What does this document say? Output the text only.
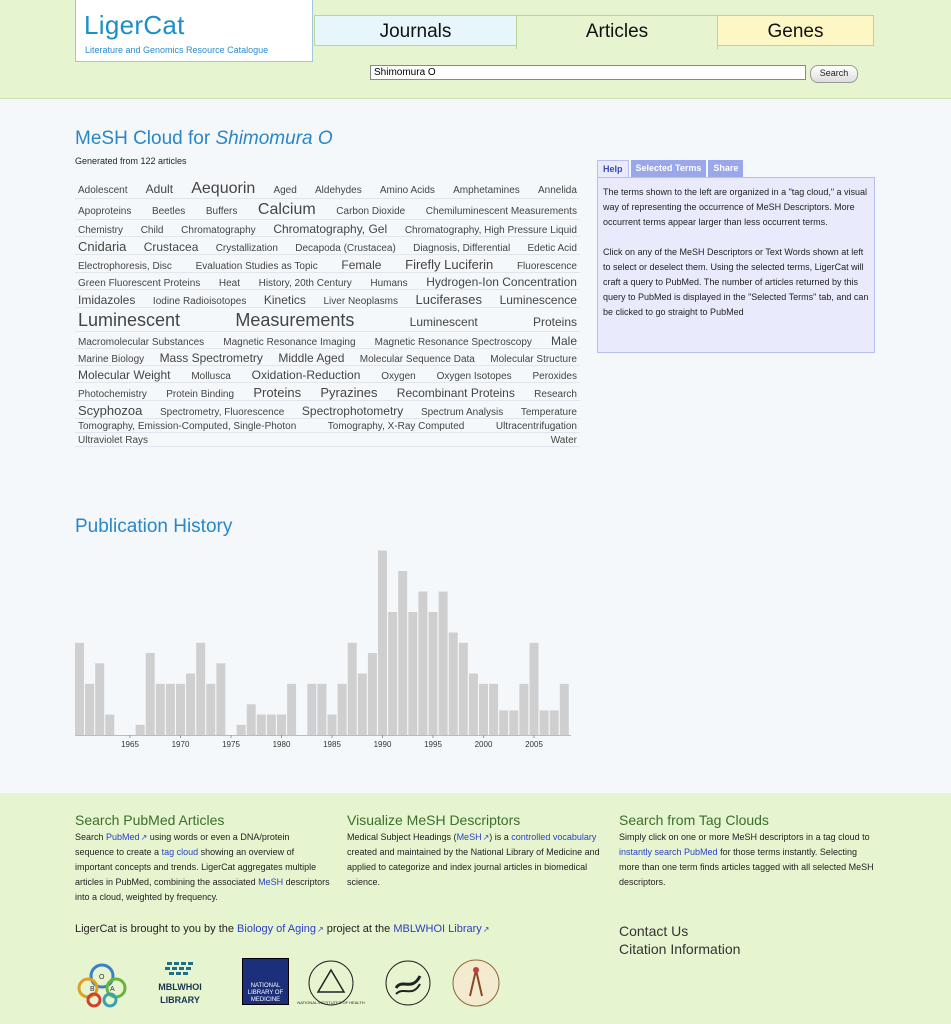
LigerCat
Literature and Genomics Resource Catalogue
Journals	Articles	Genes
Shimomura O
Search
MeSH Cloud for Shimomura O
Generated from 122 articles
Adolescent Adult Aequorin Aged Aldehydes Amino Acids Amphetamines Annelida
Apoproteins Beetles Buffers Calcium Carbon Dioxide Chemiluminescent Measurements
Chemistry Child Chromatography Chromatography, Gel Chromatography, High Pressure Liquid
Cnidaria Crustacea Crystallization Decapoda (Crustacea) Diagnosis, Differential Edetic Acid
Electrophoresis, Disc Evaluation Studies as Topic Female Firefly Luciferin Fluorescence
Green Fluorescent Proteins Heat History, 20th Century Humans Hydrogen-Ion Concentration
Imidazoles Iodine Radioisotopes Kinetics Liver Neoplasms Luciferases Luminescence
Luminescent	Measurements	Luminescent	Proteins
Macromolecular Substances Magnetic Resonance Imaging Magnetic Resonance Spectroscopy Male
Marine Biology Mass Spectrometry Middle Aged Molecular Sequence Data Molecular Structure
Molecular Weight Mollusca Oxidation-Reduction Oxygen Oxygen Isotopes Peroxides
Photochemistry Protein Binding Proteins Pyrazines Recombinant Proteins Research
Scyphozoa Spectrometry, Fluorescence Spectrophotometry Spectrum Analysis Temperature
Tomography, Emission-Computed, Single-Photon	Tomography, X-Ray Computed	Ultracentrifugation
Ultraviolet Rays	Water
Help	Selected Terms	Share

The terms shown to the left are organized in a "tag cloud," a visual way of representing the occurrence of MeSH Descriptors. More occurrent terms appear larger than less occurrent terms.

Click on any of the MeSH Descriptors or Text Words shown at left to select or deselect them. Using the selected terms, LigerCat will craft a query to PubMed. The number of articles returned by this query to PubMed is displayed in the "Selected Terms" tab, and can be clicked to go straight to PubMed

Publication History
1965	1970	1975	1980	1985	1990	1995	2000	2005
Search PubMed Articles
Search PubMed↗ using words or even a DNA/protein sequence to create a tag cloud showing an overview of important concepts and trends. LigerCat aggregates multiple articles in PubMed, combining the associated MeSH descriptors into a cloud, weighted by frequency.
Visualize MeSH Descriptors
Medical Subject Headings (MeSH↗) is a controlled vocabulary created and maintained by the National Library of Medicine and applied to categorize and index journal articles in biomedical science.
Search from Tag Clouds
Simply click on one or more MeSH descriptors in a tag cloud to instantly search PubMed for those terms instantly. Selecting more than one term finds articles tagged with all selected MeSH descriptors.
LigerCat is brought to you by the Biology of Aging↗ project at the MBLWHOI Library↗	Contact Us
Citation Information
B
O
A	MBLWHOI
LIBRARY
NATIONAL LIBRARY OF MEDICINE	NATIONAL INSTITUTES OF HEALTH
